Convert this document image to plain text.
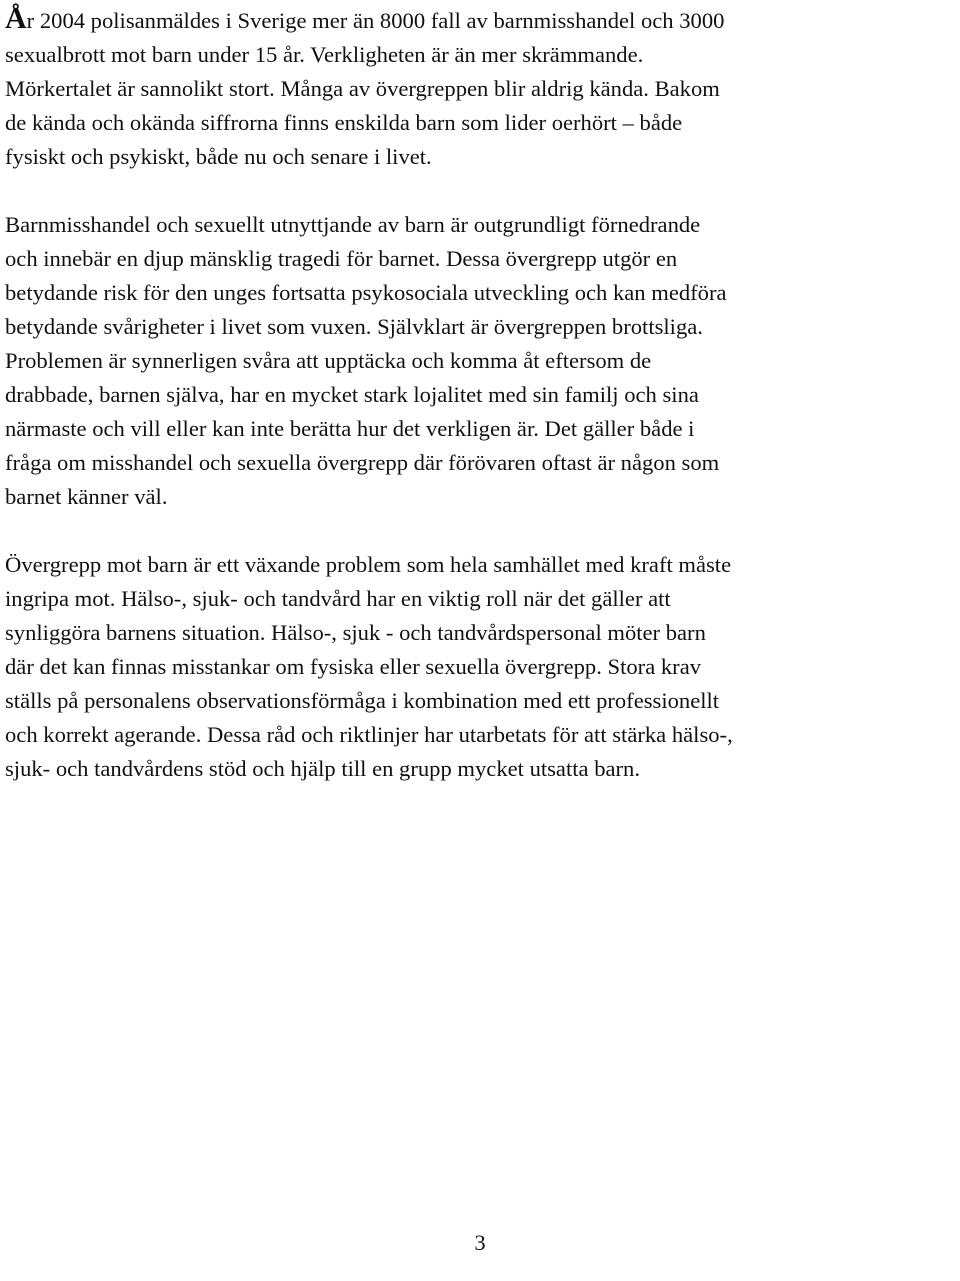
År 2004 polisanmäldes i Sverige mer än 8000 fall av barnmisshandel och 3000
sexualbrott mot barn under 15 år. Verkligheten är än mer skrämmande.
Mörkertalet är sannolikt stort. Många av övergreppen blir aldrig kända. Bakom
de kända och okända siffrorna finns enskilda barn som lider oerhört – både
fysiskt och psykiskt, både nu och senare i livet.
Barnmisshandel och sexuellt utnyttjande av barn är outgrundligt förnedrande
och innebär en djup mänsklig tragedi för barnet. Dessa övergrepp utgör en
betydande risk för den unges fortsatta psykosociala utveckling och kan medföra
betydande svårigheter i livet som vuxen. Självklart är övergreppen brottsliga.
Problemen är synnerligen svåra att upptäcka och komma åt eftersom de
drabbade, barnen själva, har en mycket stark lojalitet med sin familj och sina
närmaste och vill eller kan inte berätta hur det verkligen är. Det gäller både i
fråga om misshandel och sexuella övergrepp där förövaren oftast är någon som
barnet känner väl.
Övergrepp mot barn är ett växande problem som hela samhället med kraft måste
ingripa mot. Hälso-, sjuk- och tandvård har en viktig roll när det gäller att
synliggöra barnens situation. Hälso-, sjuk - och tandvårdspersonal möter barn
där det kan finnas misstankar om fysiska eller sexuella övergrepp. Stora krav
ställs på personalens observationsförmåga i kombination med ett professionellt
och korrekt agerande. Dessa råd och riktlinjer har utarbetats för att stärka hälso-,
sjuk- och tandvårdens stöd och hjälp till en grupp mycket utsatta barn.
3
